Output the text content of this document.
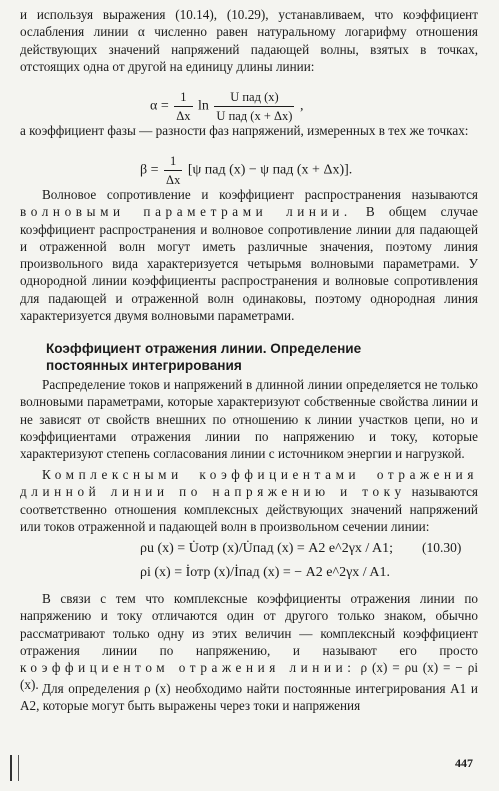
и используя выражения (10.14), (10.29), устанавливаем, что коэффициент ослабления линии α численно равен натуральному логарифму отношения действующих значений напряжений падающей волны, взятых в точках, отстоящих одна от другой на единицу длины линии:

$\alpha = \frac{1}{\Delta x}$ $\ln \frac{\text{U пад (x)}}{\text{U пад (x + Δx)}}$ ,

а коэффициент фазы — разности фаз напряжений, измеренных в тех же точках:

$\beta = \frac{1}{\Delta x} [\psi$ пад (x) − ψ пад (x + Δx)].

Волновое сопротивление и коэффициент распространения называются волновыми параметрами линии. В общем случае коэффициент распространения и волновое сопротивление линии для падающей и отраженной волн могут иметь различные значения, поэтому линия произвольного вида характеризуется четырьмя волновыми параметрами. У однородной линии коэффициенты распространения и волновые сопротивления для падающей и отраженной волн одинаковы, поэтому однородная линия характеризуется двумя волновыми параметрами.

Коэффициент отражения линии. Определение
постоянных интегрирования

Распределение токов и напряжений в длинной линии определяется не только волновыми параметрами, которые характеризуют собственные свойства линии и не зависят от свойств внешних по отношению к линии участков цепи, но и коэффициентами отражения линии по напряжению и току, которые характеризуют степень согласования линии с источником энергии и нагрузкой.

Комплексными коэффициентами отражения длинной линии по напряжению и току называются соответственно отношения комплексных действующих значений напряжений или токов отраженной и падающей волн в произвольном сечении линии:

ρu (x) = U̇отр (x)/U̇пад (x) = A2 e^2γx / A1; (10.30)
ρi (x) = İотр (x)/İпад (x) = − A2 e^2γx / A1.

В связи с тем что комплексные коэффициенты отражения линии по напряжению и току отличаются один от другого только знаком, обычно рассматривают только одну из этих величин — комплексный коэффициент отражения линии по напряжению, и называют его просто коэффициентом отражения линии: ρ (x) = ρu (x) = − ρi (x). Для определения ρ (x) необходимо найти постоянные интегрирования A1 и A2, которые могут быть выражены через токи и напряжения

447
